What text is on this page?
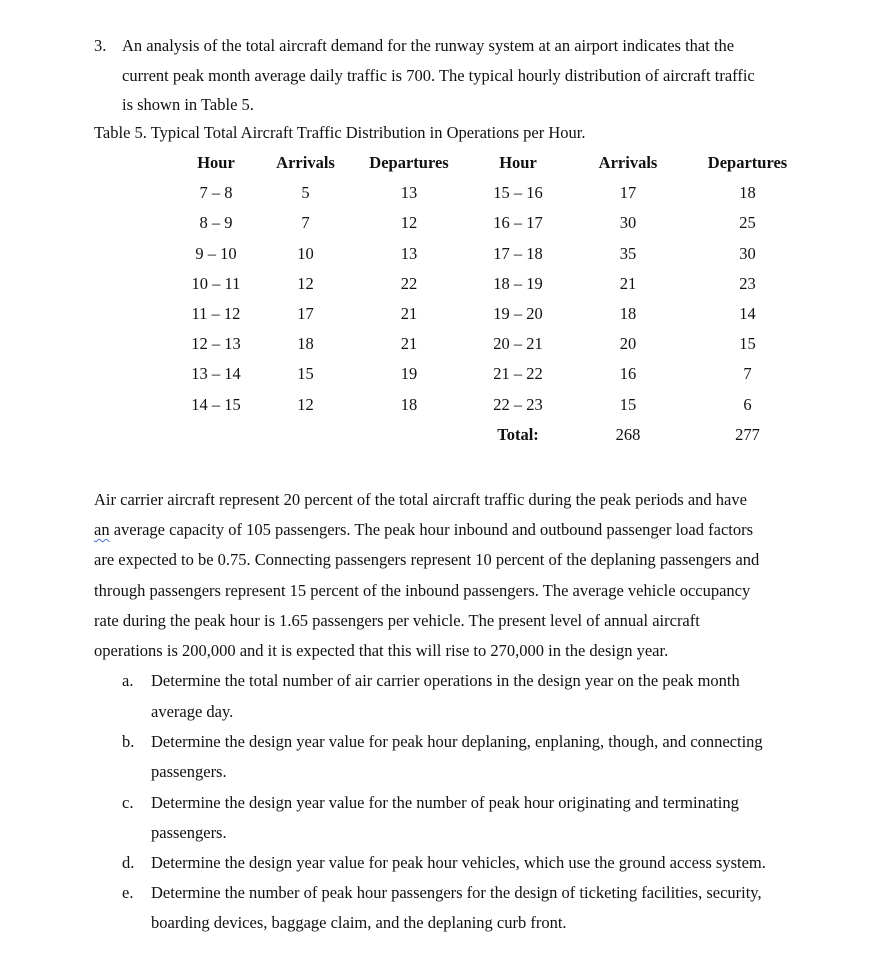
3. An analysis of the total aircraft demand for the runway system at an airport indicates that the
current peak month average daily traffic is 700. The typical hourly distribution of aircraft traffic
is shown in Table 5.
Table 5. Typical Total Aircraft Traffic Distribution in Operations per Hour.
Hour	Arrivals	Departures	Hour	Arrivals	Departures
7 – 8	5	13	15 – 16	17	18
8 – 9	7	12	16 – 17	30	25
9 – 10	10	13	17 – 18	35	30
10 – 11	12	22	18 – 19	21	23
11 – 12	17	21	19 – 20	18	14
12 – 13	18	21	20 – 21	20	15
13 – 14	15	19	21 – 22	16	7
14 – 15	12	18	22 – 23	15	6
			Total:	268	277
Air carrier aircraft represent 20 percent of the total aircraft traffic during the peak periods and have
an average capacity of 105 passengers. The peak hour inbound and outbound passenger load factors
are expected to be 0.75. Connecting passengers represent 10 percent of the deplaning passengers and
through passengers represent 15 percent of the inbound passengers. The average vehicle occupancy
rate during the peak hour is 1.65 passengers per vehicle. The present level of annual aircraft
operations is 200,000 and it is expected that this will rise to 270,000 in the design year.
a. Determine the total number of air carrier operations in the design year on the peak month
average day.
b. Determine the design year value for peak hour deplaning, enplaning, though, and connecting
passengers.
c. Determine the design year value for the number of peak hour originating and terminating
passengers.
d. Determine the design year value for peak hour vehicles, which use the ground access system.
e. Determine the number of peak hour passengers for the design of ticketing facilities, security,
boarding devices, baggage claim, and the deplaning curb front.
